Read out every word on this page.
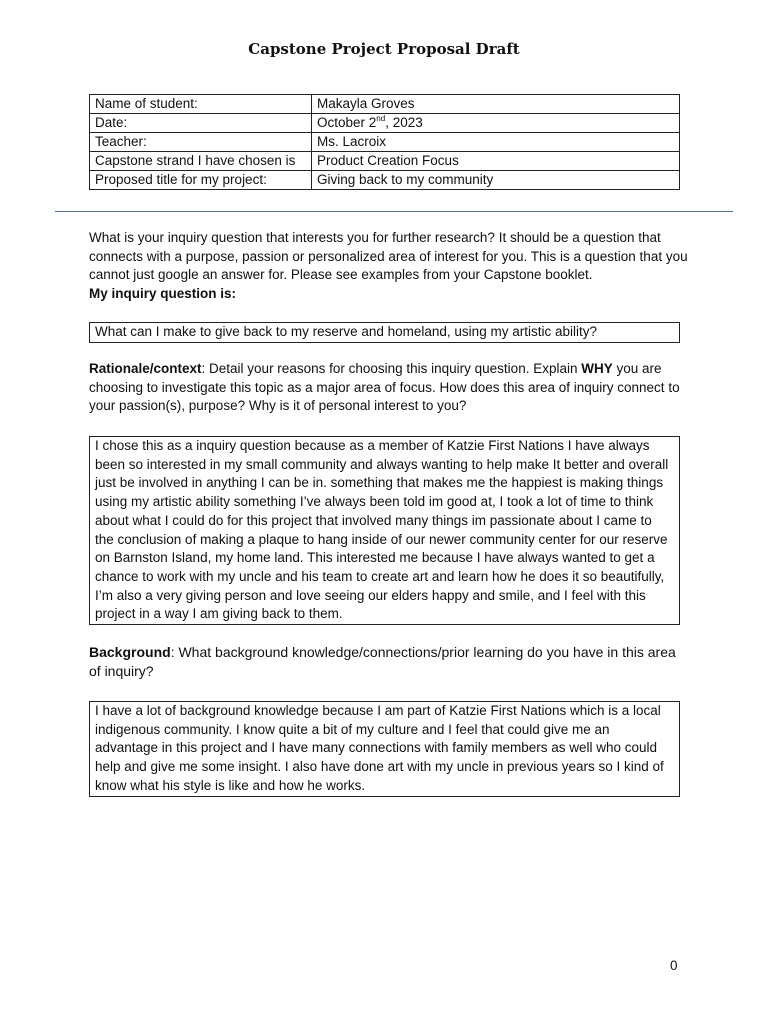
Capstone Project Proposal Draft
Name of student:	Makayla Groves
Date:	October 2nd, 2023
Teacher:	Ms. Lacroix
Capstone strand I have chosen is	Product Creation Focus
Proposed title for my project:	Giving back to my community
What is your inquiry question that interests you for further research? It should be a question that connects with a purpose, passion or personalized area of interest for you. This is a question that you cannot just google an answer for. Please see examples from your Capstone booklet.
My inquiry question is:
What can I make to give back to my reserve and homeland, using my artistic ability?
Rationale/context: Detail your reasons for choosing this inquiry question. Explain WHY you are choosing to investigate this topic as a major area of focus. How does this area of inquiry connect to your passion(s), purpose? Why is it of personal interest to you?
I chose this as a inquiry question because as a member of Katzie First Nations I have always been so interested in my small community and always wanting to help make It better and overall just be involved in anything I can be in. something that makes me the happiest is making things using my artistic ability something I’ve always been told im good at, I took a lot of time to think about what I could do for this project that involved many things im passionate about I came to the conclusion of making a plaque to hang inside of our newer community center for our reserve on Barnston Island, my home land. This interested me because I have always wanted to get a chance to work with my uncle and his team to create art and learn how he does it so beautifully, I’m also a very giving person and love seeing our elders happy and smile, and I feel with this project in a way I am giving back to them.
Background: What background knowledge/connections/prior learning do you have in this area of inquiry?
I have a lot of background knowledge because I am part of Katzie First Nations which is a local indigenous community. I know quite a bit of my culture and I feel that could give me an advantage in this project and I have many connections with family members as well who could help and give me some insight. I also have done art with my uncle in previous years so I kind of know what his style is like and how he works.
0
